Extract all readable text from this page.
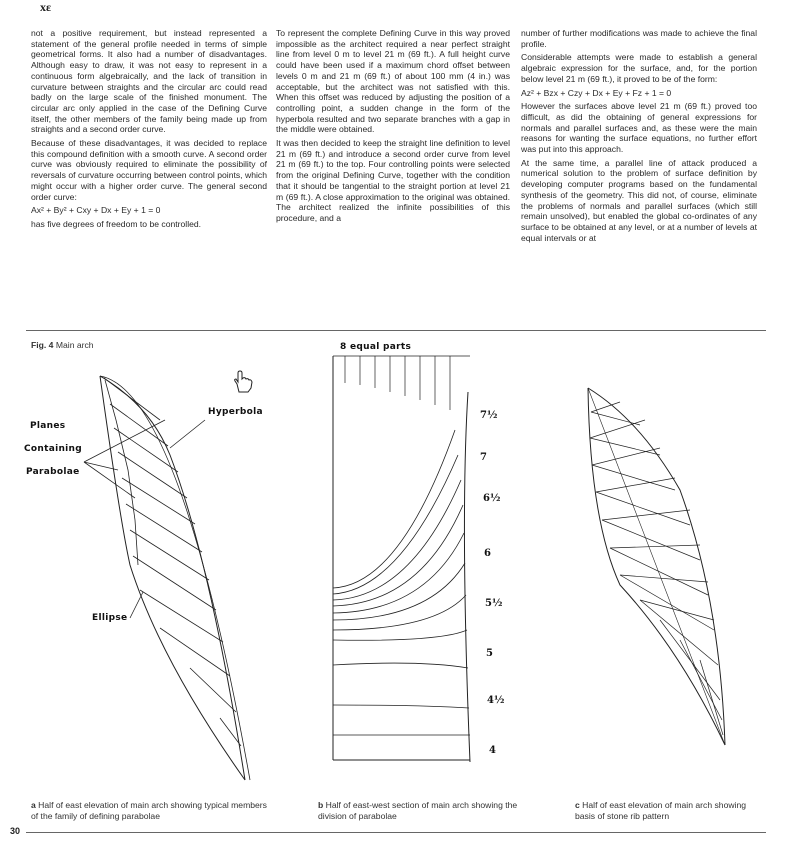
xε

not a positive requirement, but instead represented a statement of the general profile needed in terms of simple geometrical forms. It also had a number of disadvantages. Although easy to draw, it was not easy to represent in a continuous form algebraically, and the lack of transition in curvature between straights and the circular arc could read badly on the large scale of the finished monument. The circular arc only applied in the case of the Defining Curve itself, the other members of the family being made up from straights and a second order curve.

Because of these disadvantages, it was decided to replace this compound definition with a smooth curve. A second order curve was obviously required to eliminate the possibility of reversals of curvature occurring between control points, which might occur with a higher order curve. The general second order curve:

Ax² + By² + Cxy + Dx + Ey + 1 = 0

has five degrees of freedom to be controlled.

To represent the complete Defining Curve in this way proved impossible as the architect required a near perfect straight line from level 0 m to level 21 m (69 ft.). A full height curve could have been used if a maximum chord offset between levels 0 m and 21 m (69 ft.) of about 100 mm (4 in.) was acceptable, but the architect was not satisfied with this. When this offset was reduced by adjusting the position of a controlling point, a sudden change in the form of the hyperbola resulted and two separate branches with a gap in the middle were obtained.

It was then decided to keep the straight line definition to level 21 m (69 ft.) and introduce a second order curve from level 21 m (69 ft.) to the top. Four controlling points were selected from the original Defining Curve, together with the condition that it should be tangential to the straight portion at level 21 m (69 ft.). A close approximation to the original was obtained. The architect realized the infinite possibilities of this procedure, and a

number of further modifications was made to achieve the final profile.

Considerable attempts were made to establish a general algebraic expression for the surface, and, for the portion below level 21 m (69 ft.), it proved to be of the form:

Az² + Bzx + Czy + Dx + Ey + Fz + 1 = 0

However the surfaces above level 21 m (69 ft.) proved too difficult, as did the obtaining of general expressions for normals and parallel surfaces and, as these were the main reasons for wanting the surface equations, no further effort was put into this approach.

At the same time, a parallel line of attack produced a numerical solution to the problem of surface definition by developing computer programs based on the fundamental synthesis of the geometry. This did not, of course, eliminate the problems of normals and parallel surfaces (which still remain unsolved), but enabled the global co-ordinates of any surface to be obtained at any level, or at a number of levels at equal intervals or at

Fig. 4 Main arch	8 equal parts
Planes
Containing
Parabolae
Hyperbola
Ellipse
7½
7
6½
6
5½
5
4½
4
a Half of east elevation of main arch showing typical members of the family of defining parabolae
b Half of east-west section of main arch showing the division of parabolae
c Half of east elevation of main arch showing basis of stone rib pattern
30
